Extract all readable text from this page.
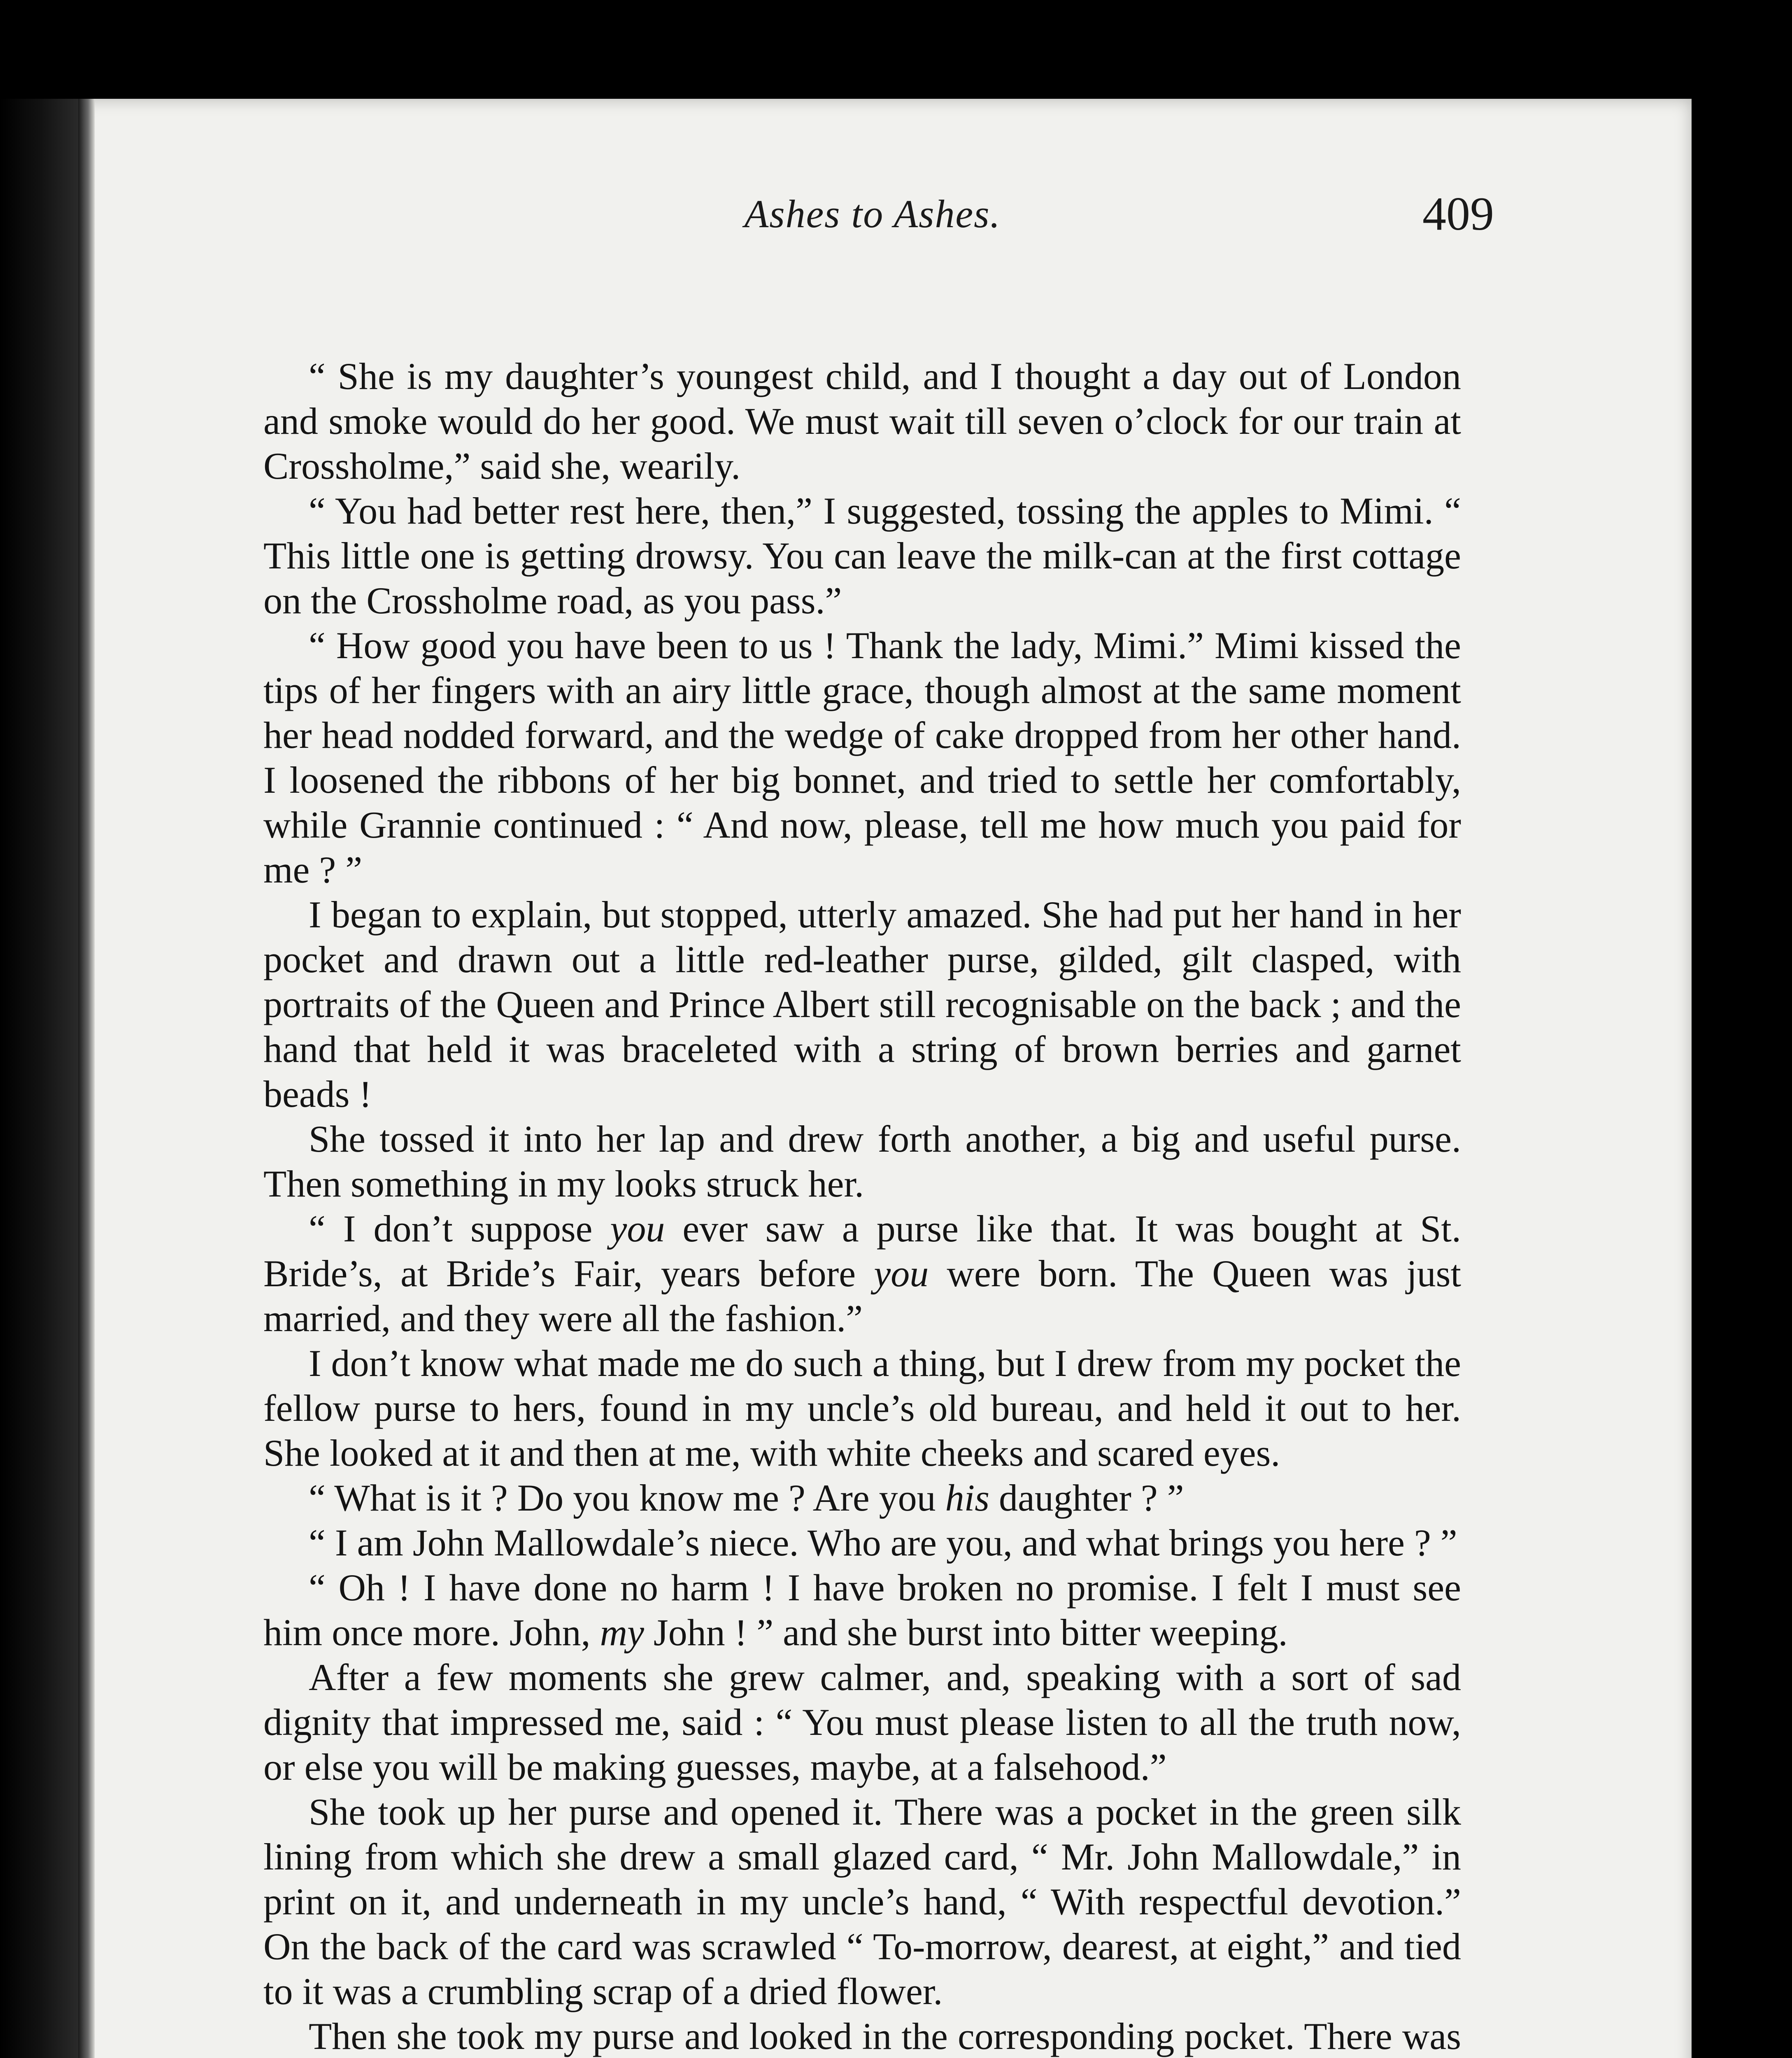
Ashes to Ashes.	409

“ She is my daughter’s youngest child, and I thought a day out of London and smoke would do her good. We must wait till seven o’clock for our train at Crossholme,” said she, wearily.

“ You had better rest here, then,” I suggested, tossing the apples to Mimi. “ This little one is getting drowsy. You can leave the milk-can at the first cottage on the Crossholme road, as you pass.”

“ How good you have been to us ! Thank the lady, Mimi.” Mimi kissed the tips of her fingers with an airy little grace, though almost at the same moment her head nodded forward, and the wedge of cake dropped from her other hand. I loosened the ribbons of her big bonnet, and tried to settle her comfortably, while Grannie continued : “ And now, please, tell me how much you paid for me ? ”

I began to explain, but stopped, utterly amazed. She had put her hand in her pocket and drawn out a little red-leather purse, gilded, gilt clasped, with portraits of the Queen and Prince Albert still recognisable on the back ; and the hand that held it was braceleted with a string of brown berries and garnet beads !

She tossed it into her lap and drew forth another, a big and useful purse. Then something in my looks struck her.

“ I don’t suppose you ever saw a purse like that. It was bought at St. Bride’s, at Bride’s Fair, years before you were born. The Queen was just married, and they were all the fashion.”

I don’t know what made me do such a thing, but I drew from my pocket the fellow purse to hers, found in my uncle’s old bureau, and held it out to her. She looked at it and then at me, with white cheeks and scared eyes.

“ What is it ? Do you know me ? Are you his daughter ? ”

“ I am John Mallowdale’s niece. Who are you, and what brings you here ? ”

“ Oh ! I have done no harm ! I have broken no promise. I felt I must see him once more. John, my John ! ” and she burst into bitter weeping.

After a few moments she grew calmer, and, speaking with a sort of sad dignity that impressed me, said : “ You must please listen to all the truth now, or else you will be making guesses, maybe, at a falsehood.”

She took up her purse and opened it. There was a pocket in the green silk lining from which she drew a small glazed card, “ Mr. John Mallowdale,” in print on it, and underneath in my uncle’s hand, “ With respectful devotion.” On the back of the card was scrawled “ To-morrow, dearest, at eight,” and tied to it was a crumbling scrap of a dried flower.

Then she took my purse and looked in the corresponding pocket. There was
